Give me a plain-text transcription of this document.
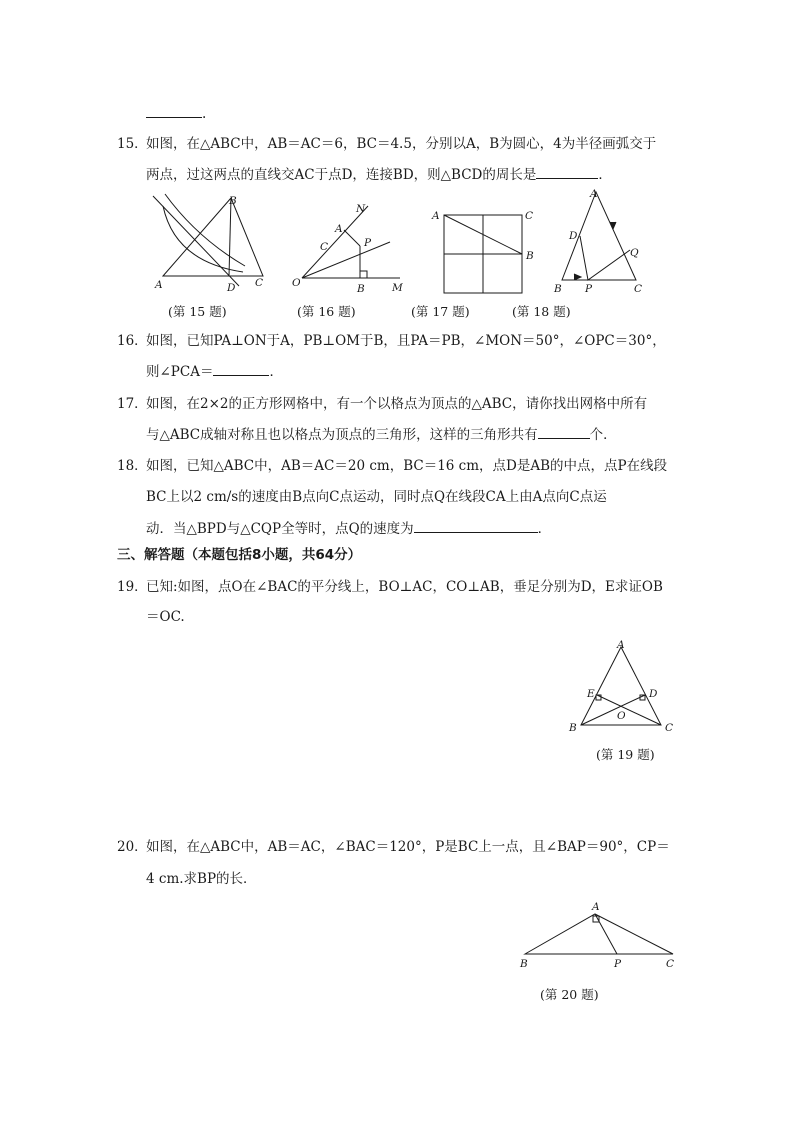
.
15．
如图，在△ABC中，AB＝AC＝6，BC＝4.5，分别以A，B为圆心，4为半径画弧交于
两点，过这两点的直线交AC于点D，连接BD，则△BCD的周长是	．
A
B
C
D
(第 15 题)
N
A
P
C
O	B	M
(第 16 题)
A	C
B
(第 17 题)
A
D
Q
B P	C
(第 18 题)
16．
如图，已知PA⊥ON于A，PB⊥OM于B，且PA＝PB，∠MON＝50°，∠OPC＝30°，
则∠PCA＝	．
17．
如图，在2×2的正方形网格中，有一个以格点为顶点的△ABC，请你找出网格中所有
与△ABC成轴对称且也以格点为顶点的三角形，这样的三角形共有	个．
18．
如图，已知△ABC中，AB＝AC＝20 cm，BC＝16 cm，点D是AB的中点，点P在线段
BC上以2 cm/s的速度由B点向C点运动，同时点Q在线段CA上由A点向C点运
动．当△BPD与△CQP全等时，点Q的速度为	．
三、解答题（本题包括8小题，共64分）
19．
已知:如图，点O在∠BAC的平分线上，BO⊥AC，CO⊥AB，垂足分别为D，E求证OB
＝OC.
A
E	D
O
B	C
(第 19 题)
20．
如图，在△ABC中，AB＝AC，∠BAC＝120°，P是BC上一点，且∠BAP＝90°，CP＝
4 cm.求BP的长．
A
B	P	C
(第 20 题)
